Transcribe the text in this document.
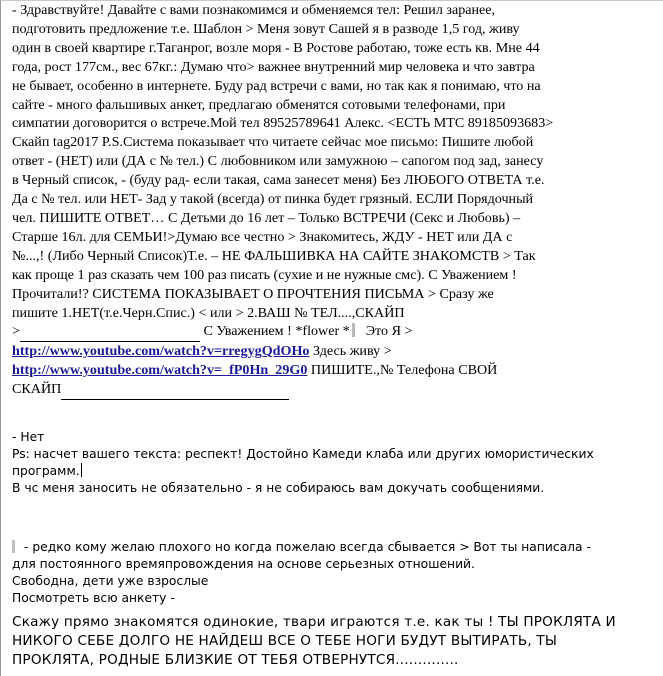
- Здравствуйте! Давайте с вами познакомимся и обменяемся тел: Решил заранее,
подготовить предложение т.е. Шаблон > Меня зовут Сашей я в разводе 1,5 год, живу
один в своей квартире г.Таганрог, возле моря - В Ростове работаю, тоже есть кв. Мне 44
года, рост 177см., вес 67кг.: Думаю что> важнее внутренний мир человека и что завтра
не бывает, особенно в интернете. Буду рад встречи с вами, но так как я понимаю, что на
сайте - много фальшивых анкет, предлагаю обменятся сотовыми телефонами, при
симпатии договорится о встрече.Мой тел 89525789641 Алекс. <ЕСТЬ МТС 89185093683>
Скайп tag2017 P.S.Система показывает что читаете сейчас мое письмо: Пишите любой
ответ - (НЕТ) или (ДА с № тел.) С любовником или замужною – сапогом под зад, занесу
в Черный список, - (буду рад- если такая, сама занесет меня) Без ЛЮБОГО ОТВЕТА т.е.
Да с № тел. или НЕТ- Зад у такой (всегда) от пинка будет грязный. ЕСЛИ Порядочный
чел. ПИШИТЕ ОТВЕТ… С Детьми до 16 лет – Только ВСТРЕЧИ (Секс и Любовь) –
Старше 16л. для СЕМЬИ!>Думаю все честно > Знакомитесь, ЖДУ - НЕТ или ДА с
№...,! (Либо Черный Список)Т.е. – НЕ ФАЛЬШИВКА НА САЙТЕ ЗНАКОМСТВ > Так
как проще 1 раз сказать чем 100 раз писать (сухие и не нужные смс). С Уважением !
Прочитали!? СИСТЕМА ПОКАЗЫВАЕТ О ПРОЧТЕНИЯ ПИСЬМА > Сразу же
пишите 1.НЕТ(т.е.Черн.Спис.) < или > 2.ВАШ № ТЕЛ....,СКАЙП
>	С Уважением ! *flower * Это Я >
http://www.youtube.com/watch?v=rregygQdOHo Здесь живу >
http://www.youtube.com/watch?v=_fP0Hn_29G0 ПИШИТЕ.,№ Телефона СВОЙ
СКАЙП
- Нет
Ps: насчет вашего текста: респект! Достойно Камеди клаба или других юмористических
программ.
В чс меня заносить не обязательно - я не собираюсь вам докучать сообщениями.
- редко кому желаю плохого но когда пожелаю всегда сбывается > Вот ты написала -
для постоянного времяпровождения на основе серьезных отношений.
Свободна, дети уже взрослые
Посмотреть всю анкету -
Скажу прямо знакомятся одинокие, твари играются т.е. как ты ! ТЫ ПРОКЛЯТА И
НИКОГО СЕБЕ ДОЛГО НЕ НАЙДЕШ ВСЕ О ТЕБЕ НОГИ БУДУТ ВЫТИРАТЬ, ТЫ
ПРОКЛЯТА, РОДНЫЕ БЛИЗКИЕ ОТ ТЕБЯ ОТВЕРНУТСЯ..............
